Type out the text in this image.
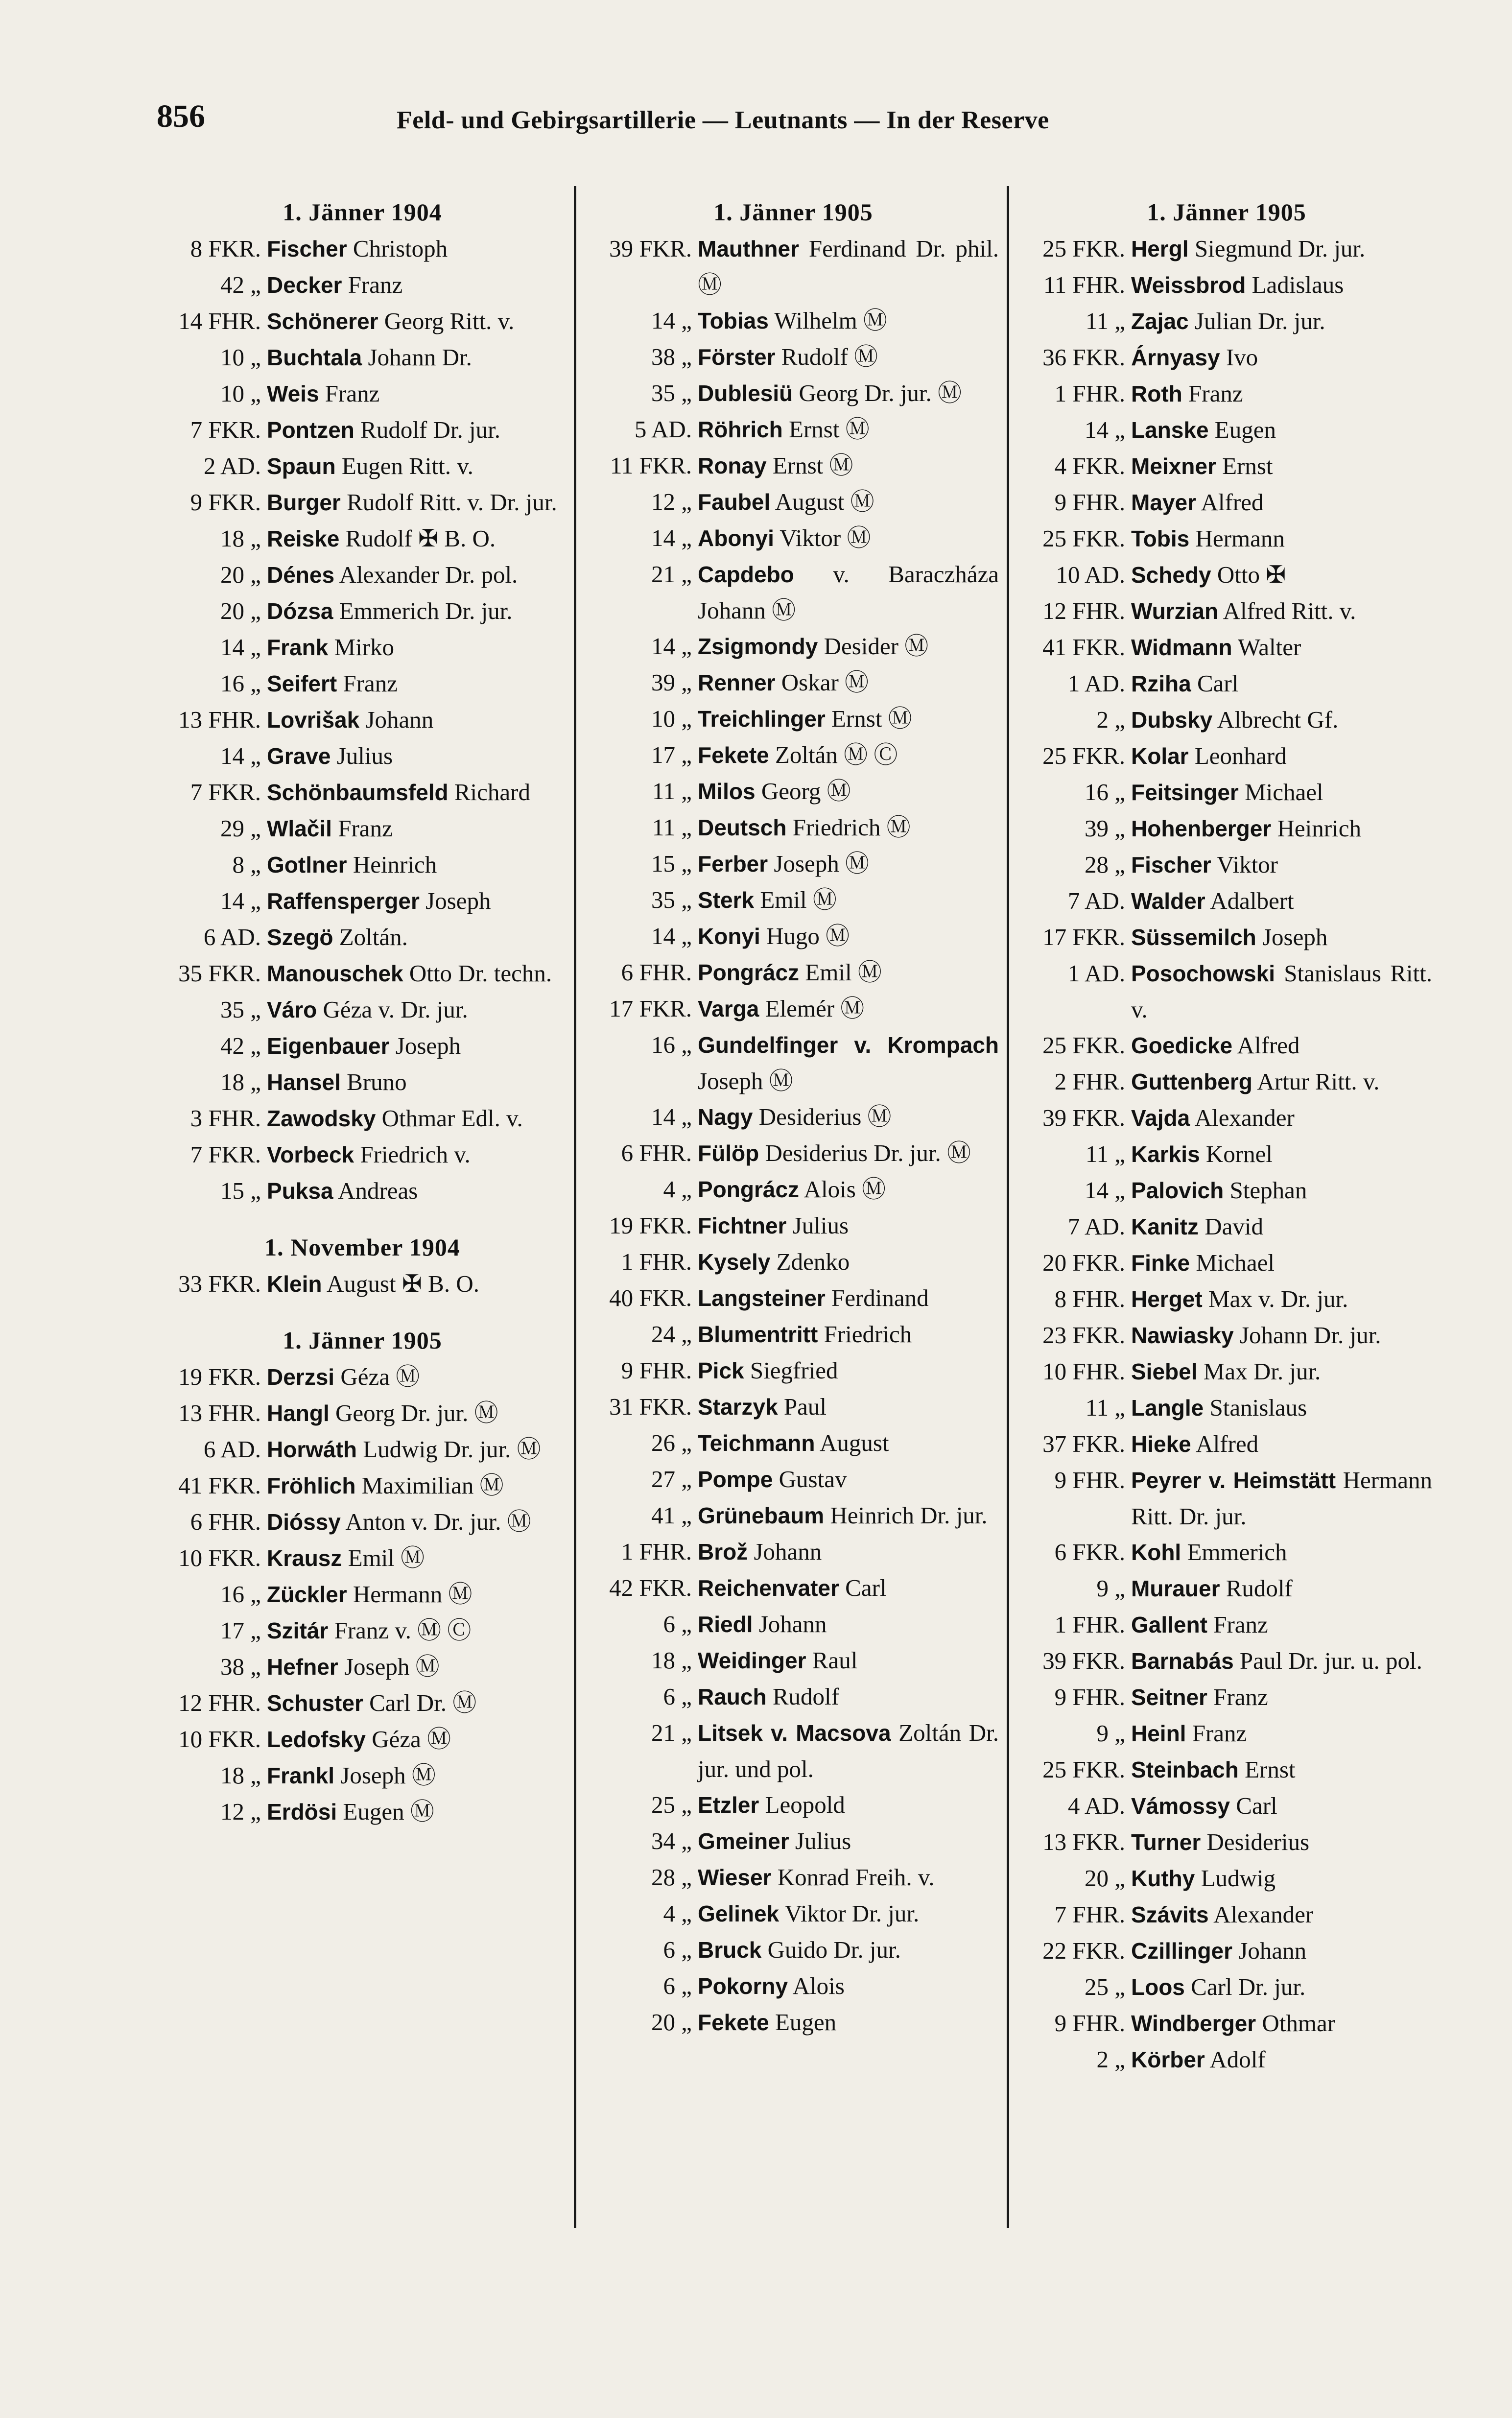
856	Feld- und Gebirgsartillerie — Leutnants — In der Reserve
1. Jänner 1904
8 FKR. Fischer Christoph
42 „ Decker Franz
14 FHR. Schönerer Georg Ritt. v.
10 „ Buchtala Johann Dr.
10 „ Weis Franz
7 FKR. Pontzen Rudolf Dr. jur.
2 AD. Spaun Eugen Ritt. v.
9 FKR. Burger Rudolf Ritt. v. Dr. jur.
18 „ Reiske Rudolf ✠ B. O.
20 „ Dénes Alexander Dr. pol.
20 „ Dózsa Emmerich Dr. jur.
14 „ Frank Mirko
16 „ Seifert Franz
13 FHR. Lovrišak Johann
14 „ Grave Julius
7 FKR. Schönbaumsfeld Richard
29 „ Wlačil Franz
8 „ Gotlner Heinrich
14 „ Raffensperger Joseph
6 AD. Szegö Zoltán.
35 FKR. Manouschek Otto Dr. techn.
35 „ Váro Géza v. Dr. jur.
42 „ Eigenbauer Joseph
18 „ Hansel Bruno
3 FHR. Zawodsky Othmar Edl. v.
7 FKR. Vorbeck Friedrich v.
15 „ Puksa Andreas
1. November 1904
33 FKR. Klein August ✠ B. O.
1. Jänner 1905
19 FKR. Derzsi Géza Ⓜ
13 FHR. Hangl Georg Dr. jur. Ⓜ
6 AD. Horwáth Ludwig Dr. jur. Ⓜ
41 FKR. Fröhlich Maximilian Ⓜ
6 FHR. Dióssy Anton v. Dr. jur. Ⓜ
10 FKR. Krausz Emil Ⓜ
16 „ Zückler Hermann Ⓜ
17 „ Szitár Franz v. Ⓜ Ⓒ
38 „ Hefner Joseph Ⓜ
12 FHR. Schuster Carl Dr. Ⓜ
10 FKR. Ledofsky Géza Ⓜ
18 „ Frankl Joseph Ⓜ
12 „ Erdösi Eugen Ⓜ
1. Jänner 1905
39 FKR. Mauthner Ferdinand Dr. phil. Ⓜ
14 „ Tobias Wilhelm Ⓜ
38 „ Förster Rudolf Ⓜ
35 „ Dublesiü Georg Dr. jur. Ⓜ
5 AD. Röhrich Ernst Ⓜ
11 FKR. Ronay Ernst Ⓜ
12 „ Faubel August Ⓜ
14 „ Abonyi Viktor Ⓜ
21 „ Capdebo v. Baraczháza Johann Ⓜ
14 „ Zsigmondy Desider Ⓜ
39 „ Renner Oskar Ⓜ
10 „ Treichlinger Ernst Ⓜ
17 „ Fekete Zoltán Ⓜ Ⓒ
11 „ Milos Georg Ⓜ
11 „ Deutsch Friedrich Ⓜ
15 „ Ferber Joseph Ⓜ
35 „ Sterk Emil Ⓜ
14 „ Konyi Hugo Ⓜ
6 FHR. Pongrácz Emil Ⓜ
17 FKR. Varga Elemér Ⓜ
16 „ Gundelfinger v. Krompach Joseph Ⓜ
14 „ Nagy Desiderius Ⓜ
6 FHR. Fülöp Desiderius Dr. jur. Ⓜ
4 „ Pongrácz Alois Ⓜ
19 FKR. Fichtner Julius
1 FHR. Kysely Zdenko
40 FKR. Langsteiner Ferdinand
24 „ Blumentritt Friedrich
9 FHR. Pick Siegfried
31 FKR. Starzyk Paul
26 „ Teichmann August
27 „ Pompe Gustav
41 „ Grünebaum Heinrich Dr. jur.
1 FHR. Brož Johann
42 FKR. Reichenvater Carl
6 „ Riedl Johann
18 „ Weidinger Raul
6 „ Rauch Rudolf
21 „ Litsek v. Macsova Zoltán Dr. jur. und pol.
25 „ Etzler Leopold
34 „ Gmeiner Julius
28 „ Wieser Konrad Freih. v.
4 „ Gelinek Viktor Dr. jur.
6 „ Bruck Guido Dr. jur.
6 „ Pokorny Alois
20 „ Fekete Eugen
1. Jänner 1905
25 FKR. Hergl Siegmund Dr. jur.
11 FHR. Weissbrod Ladislaus
11 „ Zajac Julian Dr. jur.
36 FKR. Árnyasy Ivo
1 FHR. Roth Franz
14 „ Lanske Eugen
4 FKR. Meixner Ernst
9 FHR. Mayer Alfred
25 FKR. Tobis Hermann
10 AD. Schedy Otto ✠
12 FHR. Wurzian Alfred Ritt. v.
41 FKR. Widmann Walter
1 AD. Rziha Carl
2 „ Dubsky Albrecht Gf.
25 FKR. Kolar Leonhard
16 „ Feitsinger Michael
39 „ Hohenberger Heinrich
28 „ Fischer Viktor
7 AD. Walder Adalbert
17 FKR. Süssemilch Joseph
1 AD. Posochowski Stanislaus Ritt. v.
25 FKR. Goedicke Alfred
2 FHR. Guttenberg Artur Ritt. v.
39 FKR. Vajda Alexander
11 „ Karkis Kornel
14 „ Palovich Stephan
7 AD. Kanitz David
20 FKR. Finke Michael
8 FHR. Herget Max v. Dr. jur.
23 FKR. Nawiasky Johann Dr. jur.
10 FHR. Siebel Max Dr. jur.
11 „ Langle Stanislaus
37 FKR. Hieke Alfred
9 FHR. Peyrer v. Heimstätt Hermann Ritt. Dr. jur.
6 FKR. Kohl Emmerich
9 „ Murauer Rudolf
1 FHR. Gallent Franz
39 FKR. Barnabás Paul Dr. jur. u. pol.
9 FHR. Seitner Franz
9 „ Heinl Franz
25 FKR. Steinbach Ernst
4 AD. Vámossy Carl
13 FKR. Turner Desiderius
20 „ Kuthy Ludwig
7 FHR. Szávits Alexander
22 FKR. Czillinger Johann
25 „ Loos Carl Dr. jur.
9 FHR. Windberger Othmar
2 „ Körber Adolf
